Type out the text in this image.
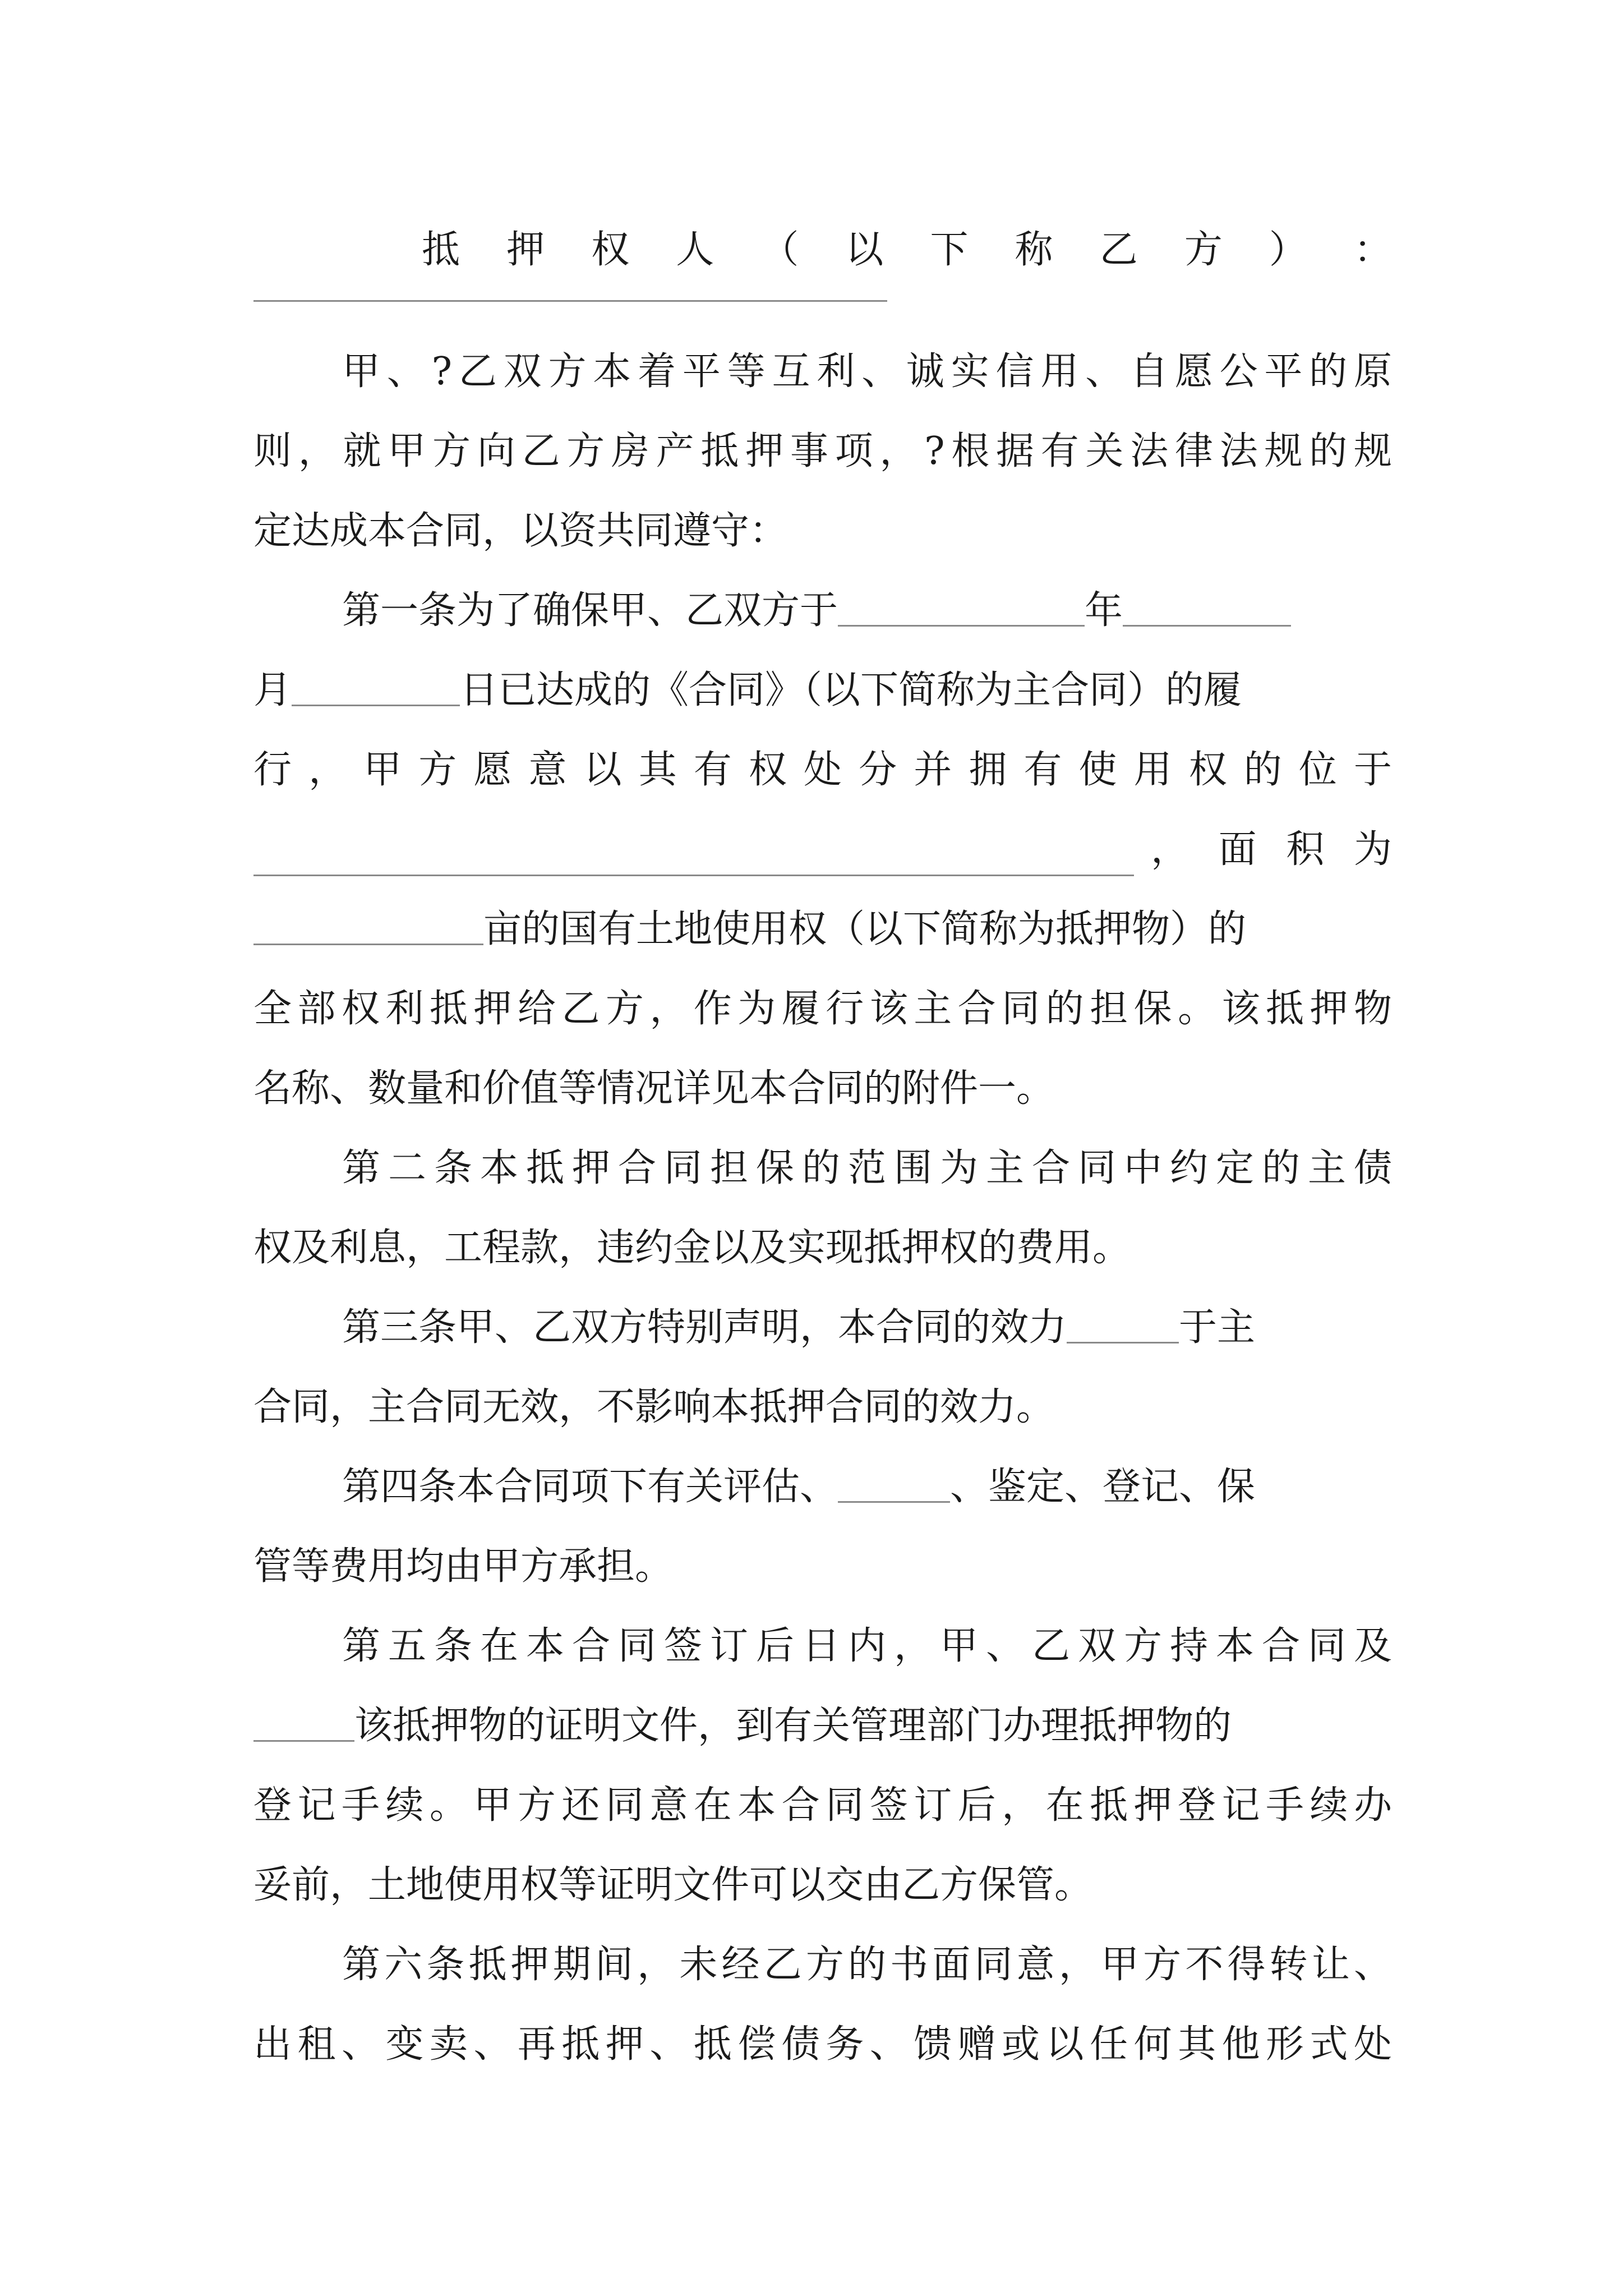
抵 押 权 人 （ 以 下 称 乙 方 ） ：
甲、?乙双方本着平等互利、诚实信用、自愿公平的原
则，就甲方向乙方房产抵押事项，?根据有关法律法规的规
定达成本合同，以资共同遵守：
第一条为了确保甲、乙双方于	年
月	日已达成的《合同》（以下简称为主合同）的履
行，甲方愿意以其有权处分并拥有使用权的位于
， 面 积 为
亩的国有土地使用权（以下简称为抵押物）的
全部权利抵押给乙方，作为履行该主合同的担保。该抵押物
名称、数量和价值等情况详见本合同的附件一。
第二条本抵押合同担保的范围为主合同中约定的主债
权及利息，工程款，违约金以及实现抵押权的费用。
第三条甲、乙双方特别声明，本合同的效力	于主
合同，主合同无效，不影响本抵押合同的效力。
第四条本合同项下有关评估、	、鉴定、登记、保
管等费用均由甲方承担。
第五条在本合同签订后日内，甲、乙双方持本合同及
该抵押物的证明文件，到有关管理部门办理抵押物的
登记手续。甲方还同意在本合同签订后，在抵押登记手续办
妥前，土地使用权等证明文件可以交由乙方保管。
第六条抵押期间，未经乙方的书面同意，甲方不得转让、
出租、变卖、再抵押、抵偿债务、馈赠或以任何其他形式处
